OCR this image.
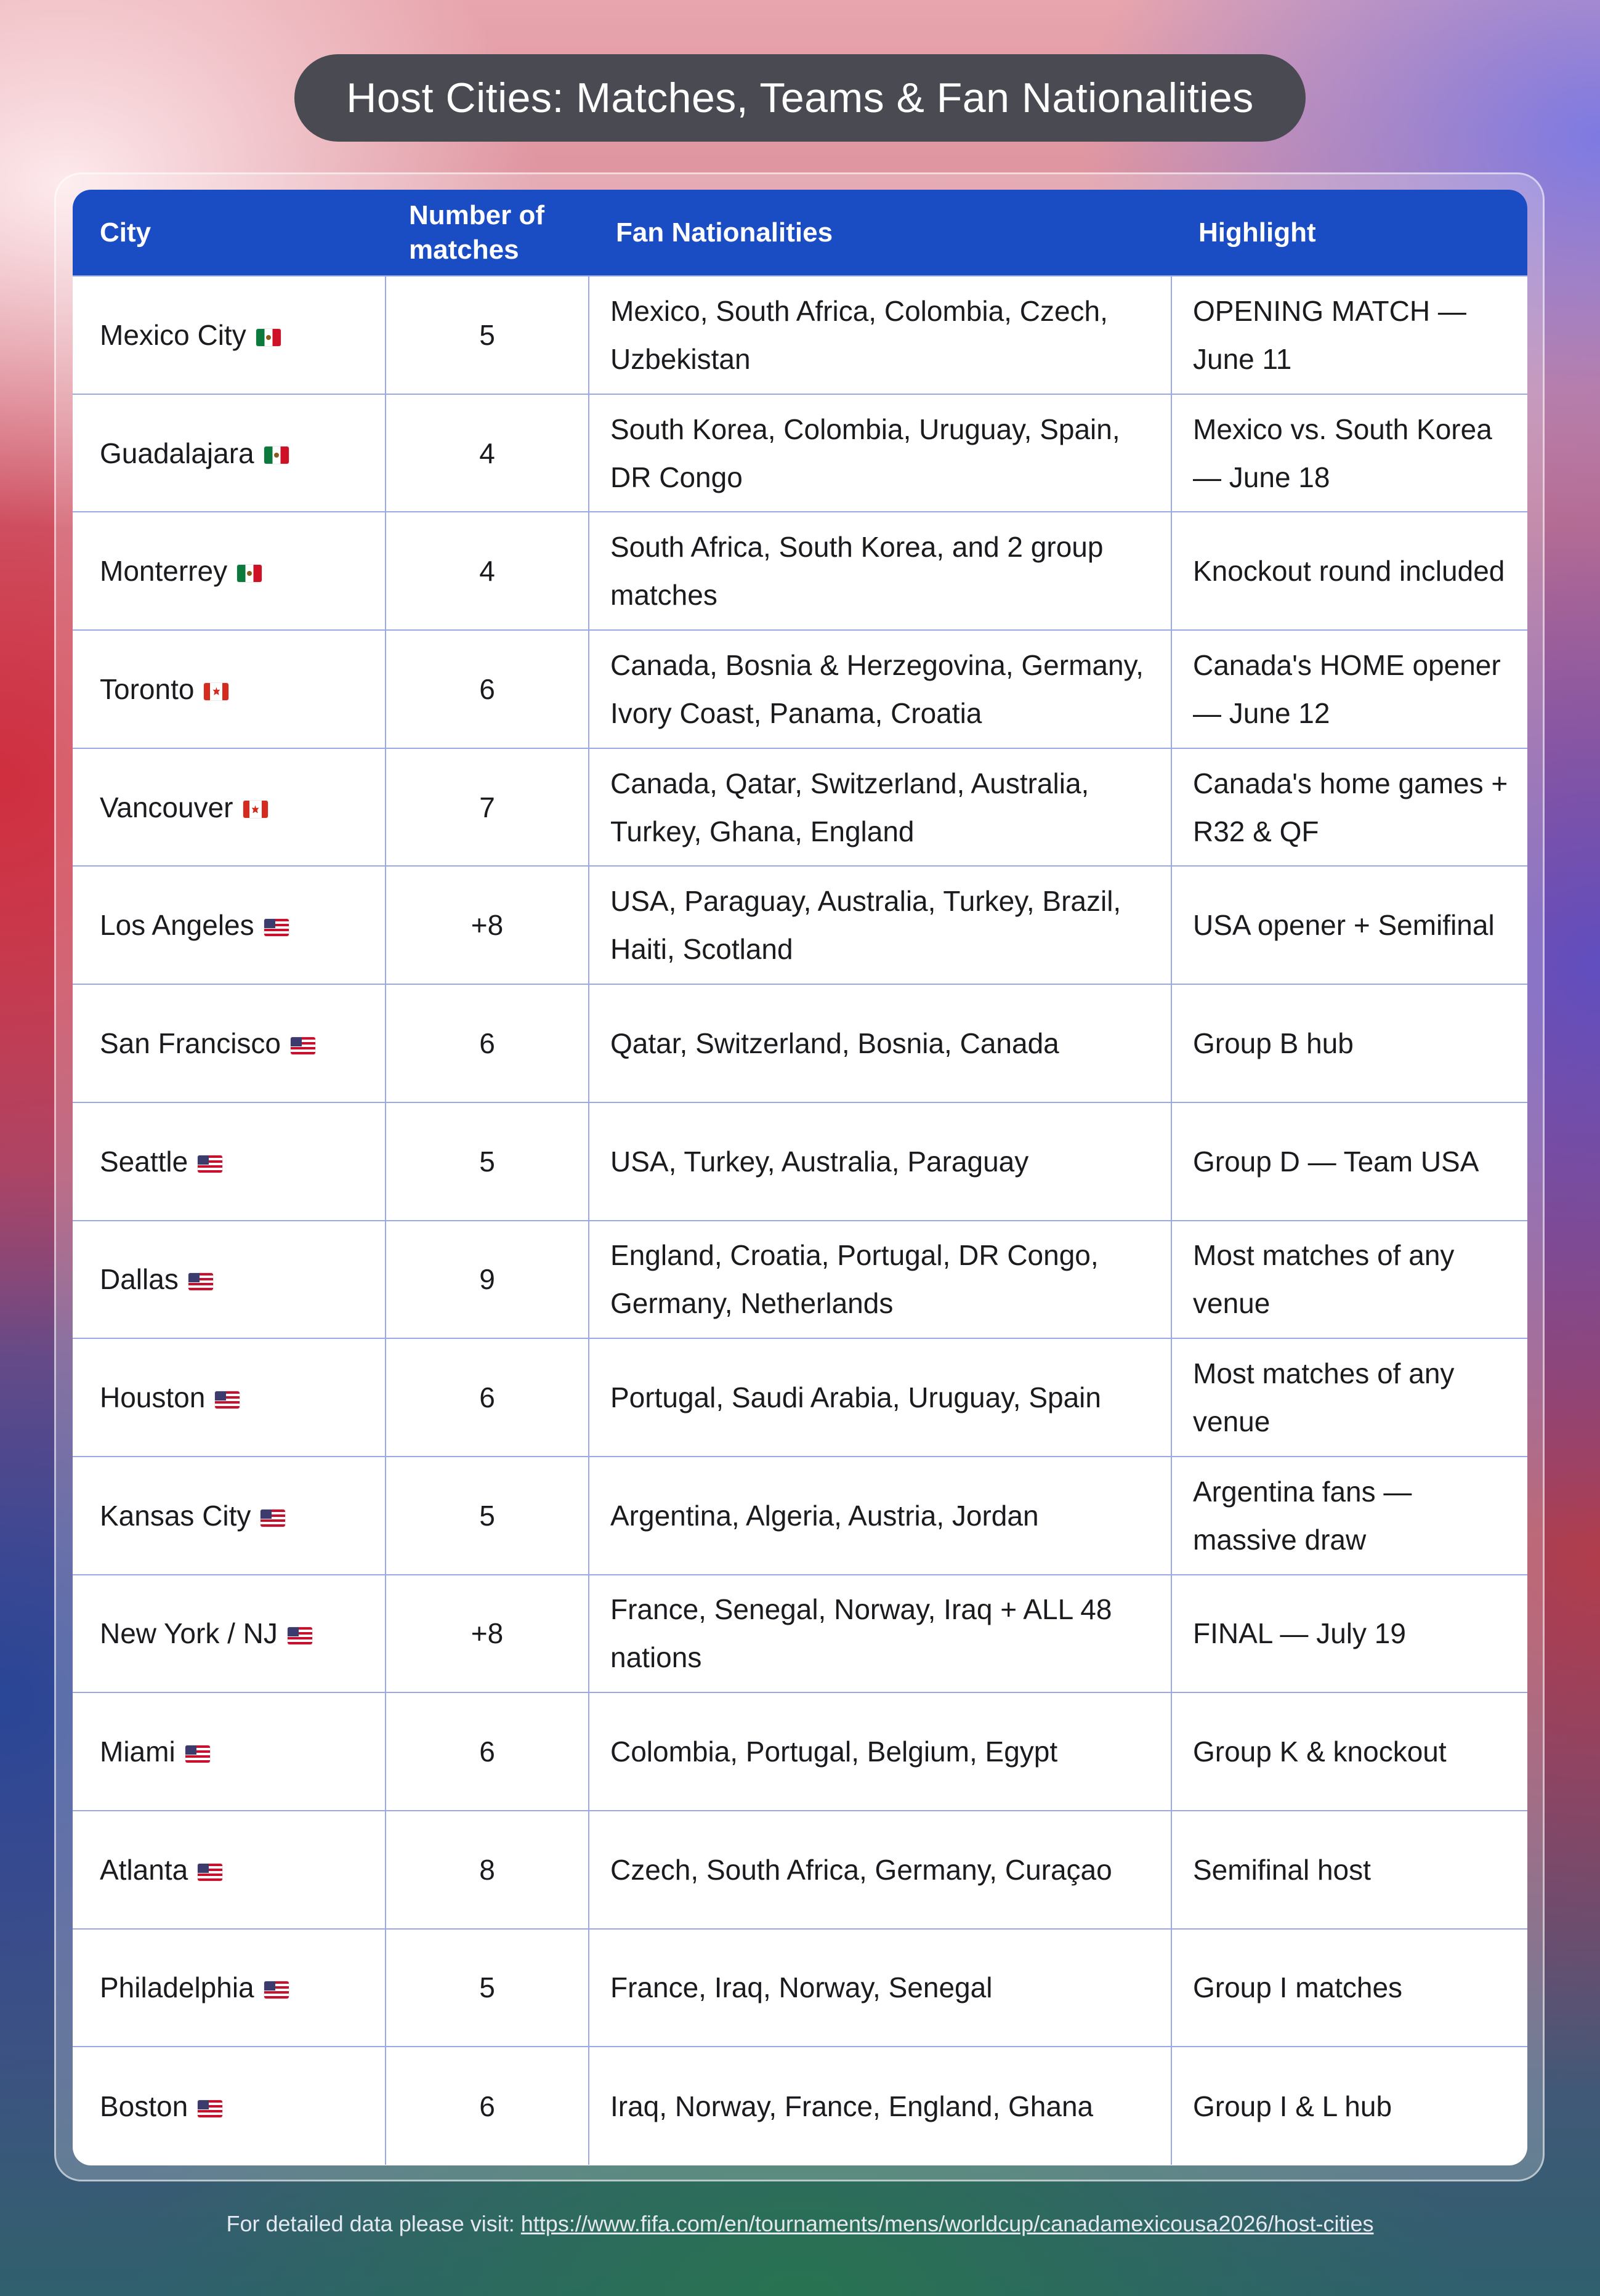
Host Cities: Matches, Teams & Fan Nationalities
City	Number of matches	Fan Nationalities	Highlight
Mexico City	5	Mexico, South Africa, Colombia, Czech, Uzbekistan	OPENING MATCH — June 11
Guadalajara	4	South Korea, Colombia, Uruguay, Spain, DR Congo	Mexico vs. South Korea — June 18
Monterrey	4	South Africa, South Korea, and 2 group matches	Knockout round included
Toronto	6	Canada, Bosnia & Herzegovina, Germany, Ivory Coast, Panama, Croatia	Canada's HOME opener — June 12
Vancouver	7	Canada, Qatar, Switzerland, Australia, Turkey, Ghana, England	Canada's home games + R32 & QF
Los Angeles	+8	USA, Paraguay, Australia, Turkey, Brazil, Haiti, Scotland	USA opener + Semifinal
San Francisco	6	Qatar, Switzerland, Bosnia, Canada	Group B hub
Seattle	5	USA, Turkey, Australia, Paraguay	Group D — Team USA
Dallas	9	England, Croatia, Portugal, DR Congo, Germany, Netherlands	Most matches of any venue
Houston	6	Portugal, Saudi Arabia, Uruguay, Spain	Most matches of any venue
Kansas City	5	Argentina, Algeria, Austria, Jordan	Argentina fans — massive draw
New York / NJ	+8	France, Senegal, Norway, Iraq + ALL 48 nations	FINAL — July 19
Miami	6	Colombia, Portugal, Belgium, Egypt	Group K & knockout
Atlanta	8	Czech, South Africa, Germany, Curaçao	Semifinal host
Philadelphia	5	France, Iraq, Norway, Senegal	Group I matches
Boston	6	Iraq, Norway, France, England, Ghana	Group I & L hub
For detailed data please visit: https://www.fifa.com/en/tournaments/mens/worldcup/canadamexicousa2026/host-cities
